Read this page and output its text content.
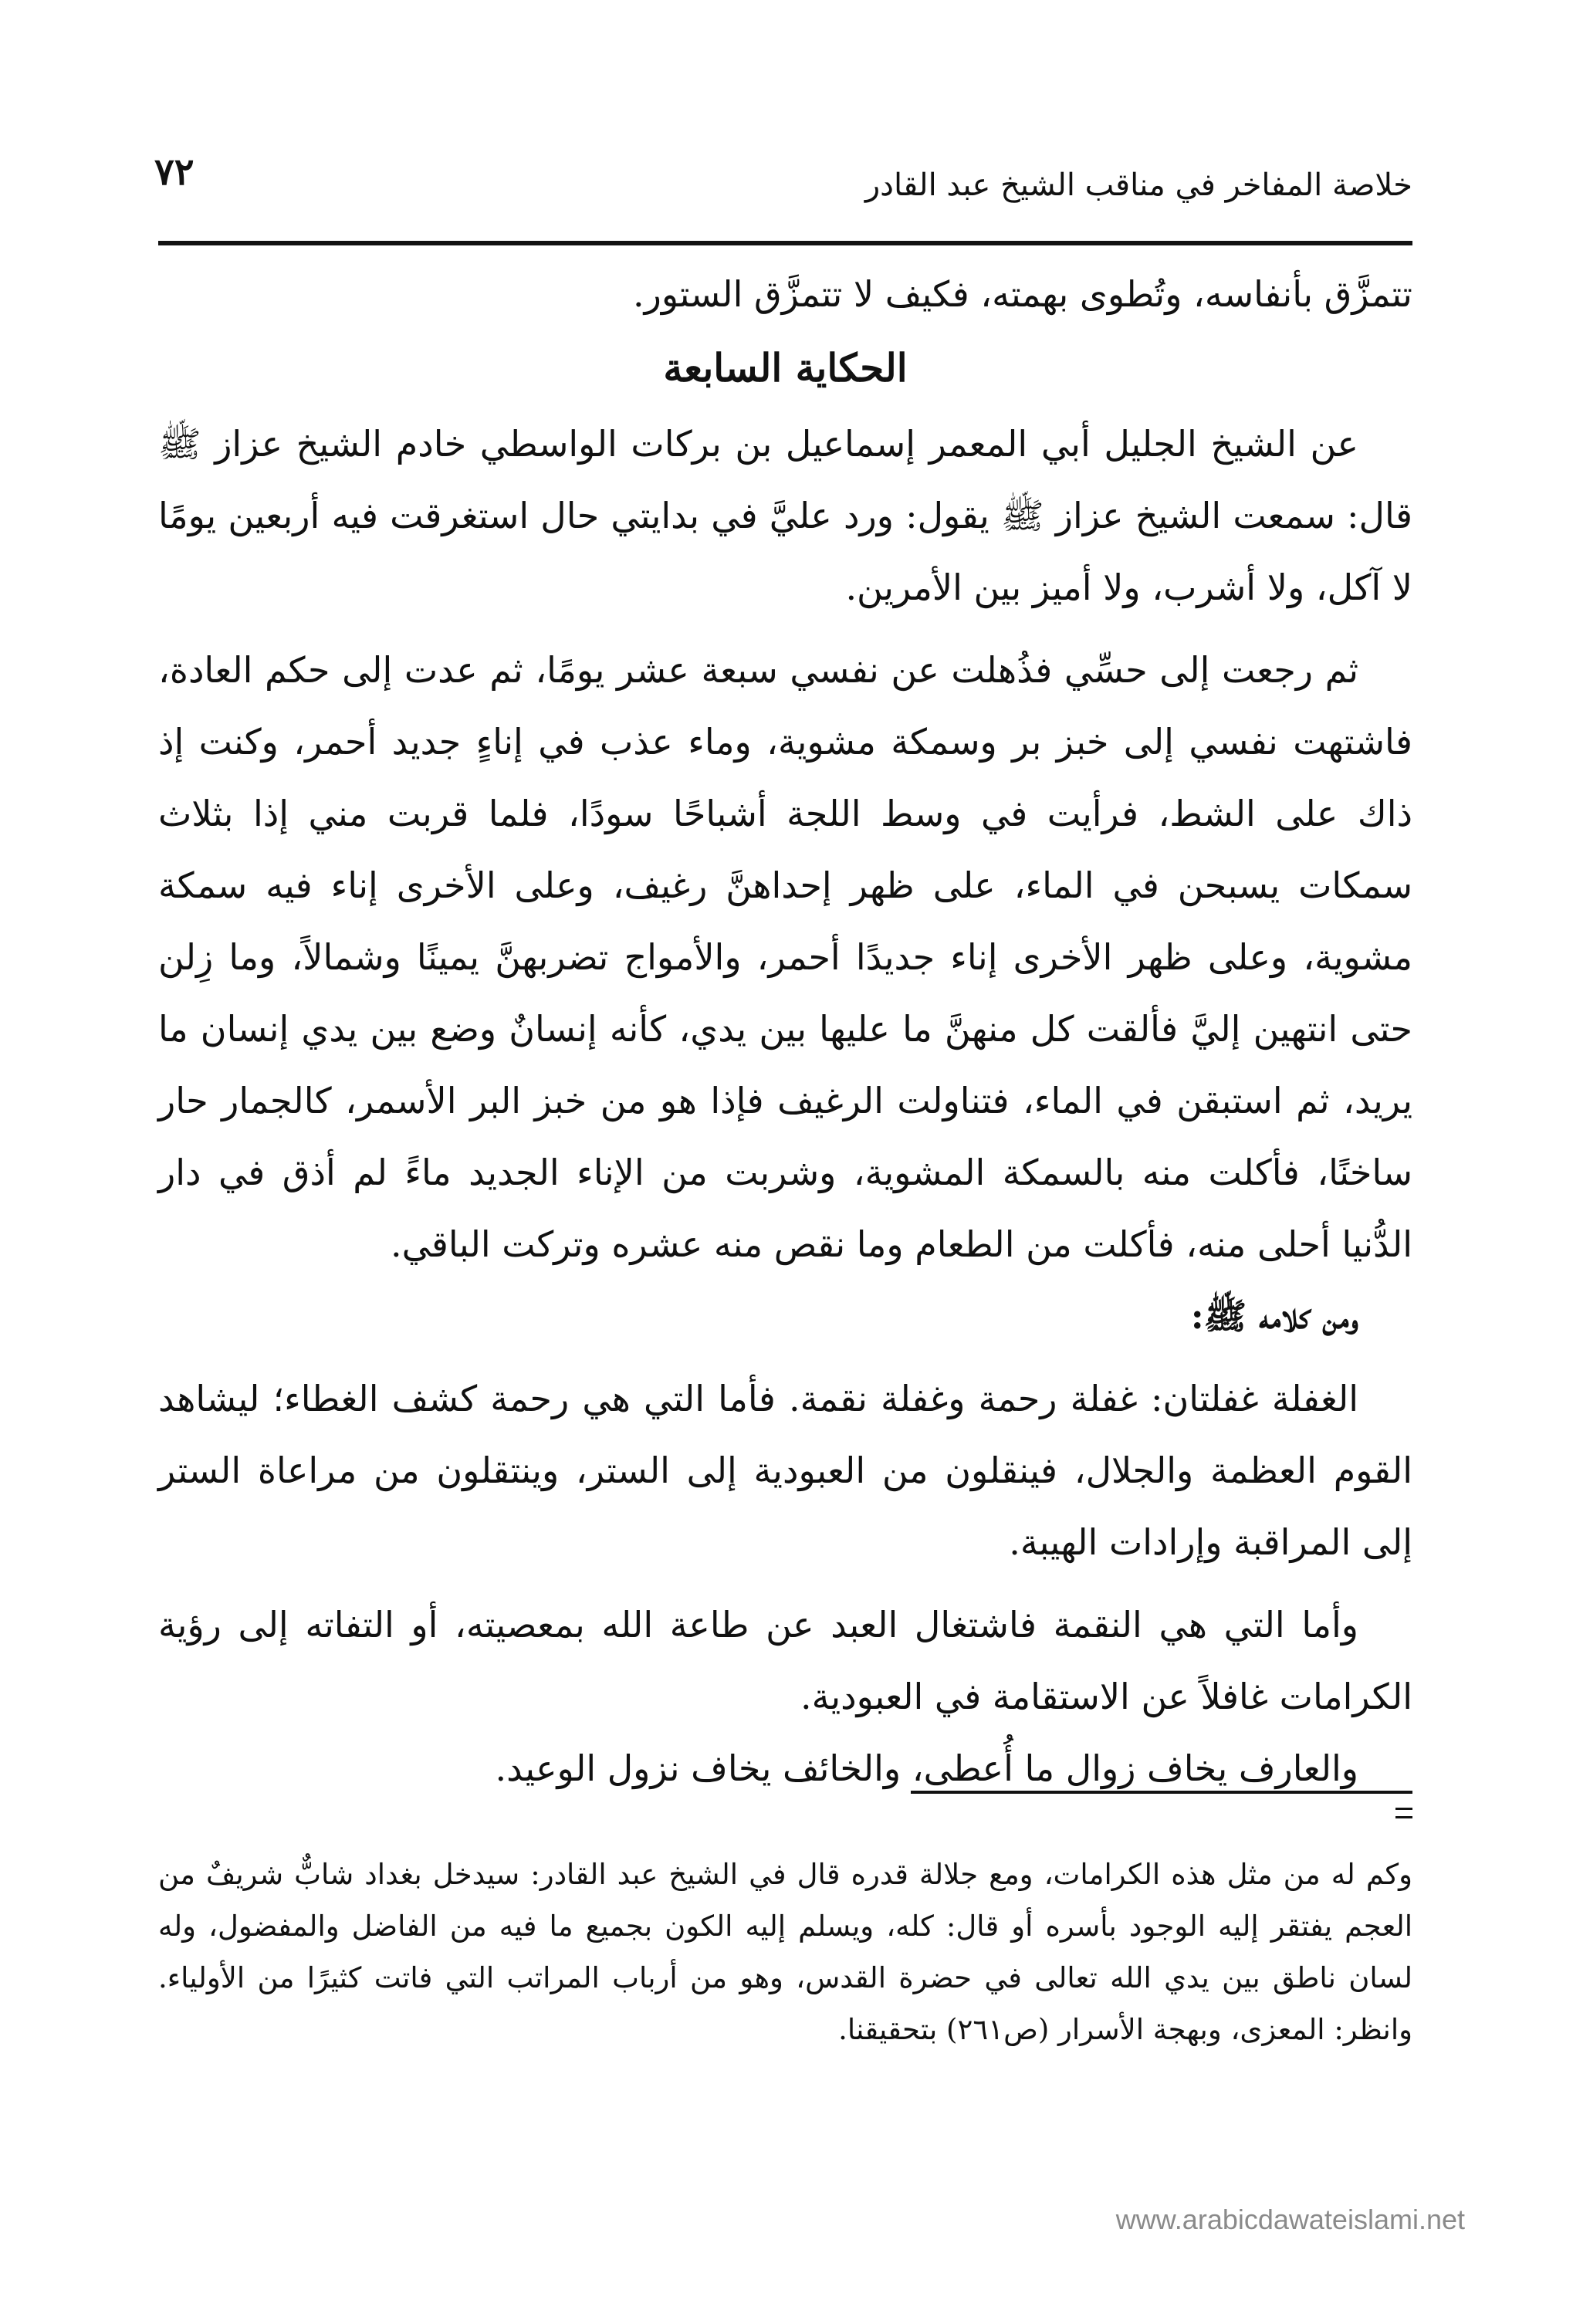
٧٢	خلاصة المفاخر في مناقب الشيخ عبد القادر

تتمزَّق بأنفاسه، وتُطوى بهمته، فكيف لا تتمزَّق الستور.

الحكاية السابعة

عن الشيخ الجليل أبي المعمر إسماعيل بن بركات الواسطي خادم الشيخ عزاز ﷺ قال: سمعت الشيخ عزاز ﷺ يقول: ورد عليَّ في بدايتي حال استغرقت فيه أربعين يومًا لا آكل، ولا أشرب، ولا أميز بين الأمرين.

ثم رجعت إلى حسِّي فذُهلت عن نفسي سبعة عشر يومًا، ثم عدت إلى حكم العادة، فاشتهت نفسي إلى خبز بر وسمكة مشوية، وماء عذب في إناءٍ جديد أحمر، وكنت إذ ذاك على الشط، فرأيت في وسط اللجة أشباحًا سودًا، فلما قربت مني إذا بثلاث سمكات يسبحن في الماء، على ظهر إحداهنَّ رغيف، وعلى الأخرى إناء فيه سمكة مشوية، وعلى ظهر الأخرى إناء جديدًا أحمر، والأمواج تضربهنَّ يمينًا وشمالاً، وما زِلن حتى انتهين إليَّ فألقت كل منهنَّ ما عليها بين يدي، كأنه إنسانٌ وضع بين يدي إنسان ما يريد، ثم استبقن في الماء، فتناولت الرغيف فإذا هو من خبز البر الأسمر، كالجمار حار ساخنًا، فأكلت منه بالسمكة المشوية، وشربت من الإناء الجديد ماءً لم أذق في دار الدُّنيا أحلى منه، فأكلت من الطعام وما نقص منه عشره وتركت الباقي.

ومن كلامه ﷺ:

الغفلة غفلتان: غفلة رحمة وغفلة نقمة. فأما التي هي رحمة كشف الغطاء؛ ليشاهد القوم العظمة والجلال، فينقلون من العبودية إلى الستر، وينتقلون من مراعاة الستر إلى المراقبة وإرادات الهيبة.

وأما التي هي النقمة فاشتغال العبد عن طاعة الله بمعصيته، أو التفاته إلى رؤية الكرامات غافلاً عن الاستقامة في العبودية.

والعارف يخاف زوال ما أُعطى، والخائف يخاف نزول الوعيد.

وكم له من مثل هذه الكرامات، ومع جلالة قدره قال في الشيخ عبد القادر: سيدخل بغداد شابٌّ شريفٌ من العجم يفتقر إليه الوجود بأسره أو قال: كله، ويسلم إليه الكون بجميع ما فيه من الفاضل والمفضول، وله لسان ناطق بين يدي الله تعالى في حضرة القدس، وهو من أرباب المراتب التي فاتت كثيرًا من الأولياء. وانظر: المعزى، وبهجة الأسرار (ص٢٦١) بتحقيقنا.

www.arabicdawateislami.net
